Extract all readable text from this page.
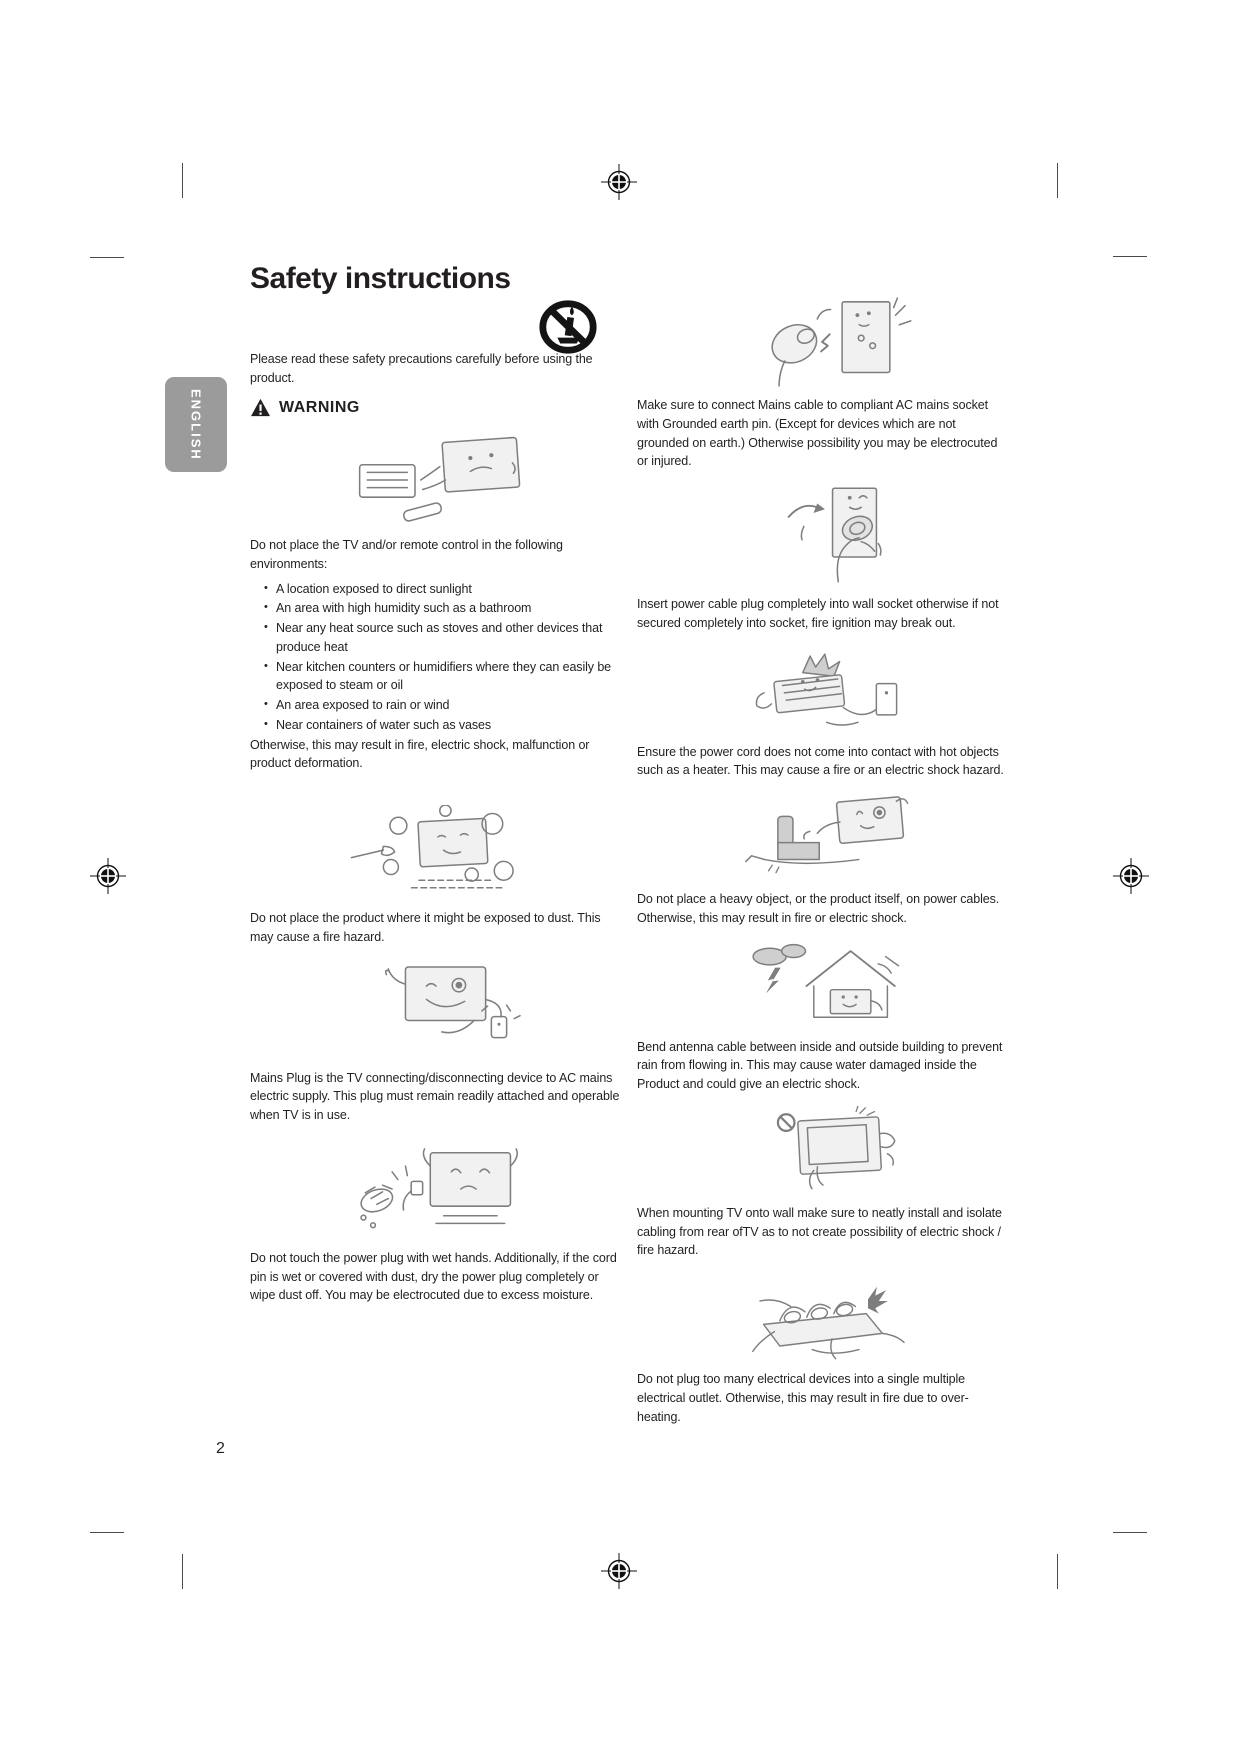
ENGLISH
Safety instructions

Please read these safety precautions carefully before using the product.

WARNING

Do not place the TV and/or remote control in the following environments:

• A location exposed to direct sunlight
• An area with high humidity such as a bathroom
• Near any heat source such as stoves and other devices that produce heat
• Near kitchen counters or humidifiers where they can easily be exposed to steam or oil
• An area exposed to rain or wind
• Near containers of water such as vases

Otherwise, this may result in fire, electric shock, malfunction or product deformation.

Do not place the product where it might be exposed to dust. This may cause a fire hazard.

Mains Plug is the TV connecting/disconnecting device to AC mains electric supply. This plug must remain readily attached and operable when TV is in use.

Do not touch the power plug with wet hands. Additionally, if the cord pin is wet or covered with dust, dry the power plug completely or wipe dust off. You may be electrocuted due to excess moisture.

Make sure to connect Mains cable to compliant AC mains socket with Grounded earth pin. (Except for devices which are not grounded on earth.) Otherwise possibility you may be electrocuted or injured.

Insert power cable plug completely into wall socket otherwise if not secured completely into socket, fire ignition may break out.

Ensure the power cord does not come into contact with hot objects such as a heater. This may cause a fire or an electric shock hazard.

Do not place a heavy object, or the product itself, on power cables. Otherwise, this may result in fire or electric shock.

Bend antenna cable between inside and outside building to prevent rain from flowing in. This may cause water damaged inside the Product and could give an electric shock.

When mounting TV onto wall make sure to neatly install and isolate cabling from rear ofTV as to not create possibility of electric shock / fire hazard.

Do not plug too many electrical devices into a single multiple electrical outlet. Otherwise, this may result in fire due to over-heating.

2
